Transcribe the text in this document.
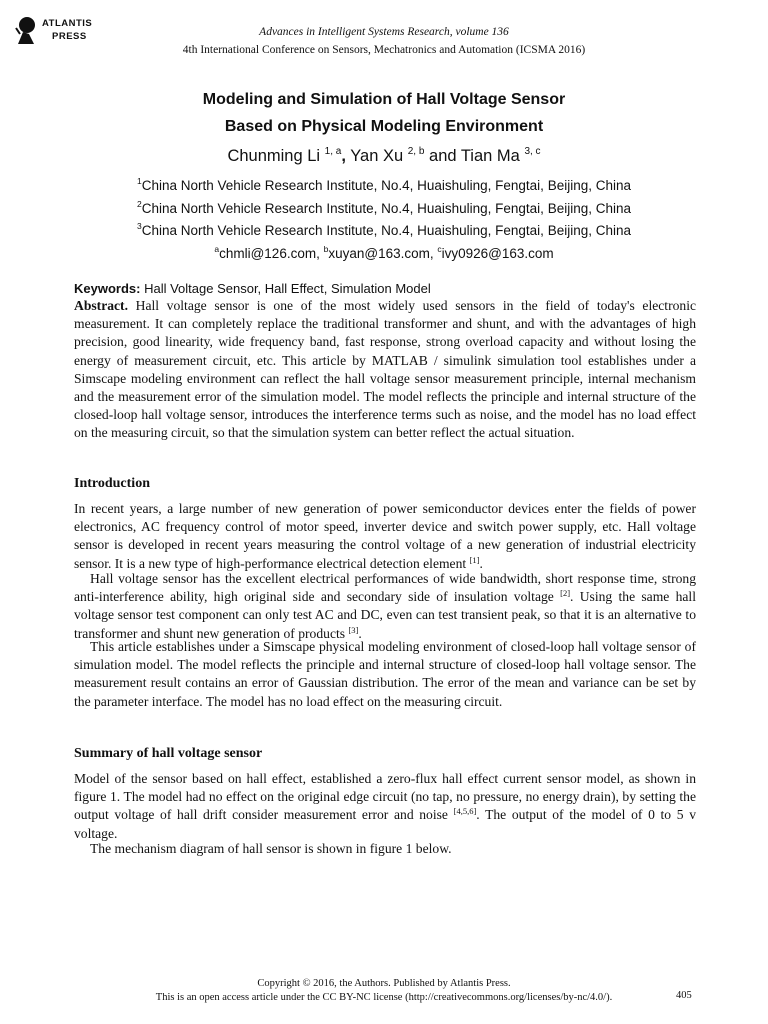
ATLANTIS
PRESS	Advances in Intelligent Systems Research, volume 136
4th International Conference on Sensors, Mechatronics and Automation (ICSMA 2016)
Modeling and Simulation of Hall Voltage Sensor
Based on Physical Modeling Environment
Chunming Li $^{1, a}$, Yan Xu $^{2, b}$ and Tian Ma $^{3, c}$
$^1$China North Vehicle Research Institute, No.4, Huaishuling, Fengtai, Beijing, China
$^2$China North Vehicle Research Institute, No.4, Huaishuling, Fengtai, Beijing, China
$^3$China North Vehicle Research Institute, No.4, Huaishuling, Fengtai, Beijing, China
$^a$chmli@126.com, $^b$xuyan@163.com, $^c$ivy0926@163.com
Keywords: Hall Voltage Sensor, Hall Effect, Simulation Model
Abstract. Hall voltage sensor is one of the most widely used sensors in the field of today's electronic measurement. It can completely replace the traditional transformer and shunt, and with the advantages of high precision, good linearity, wide frequency band, fast response, strong overload capacity and without losing the energy of measurement circuit, etc. This article by MATLAB / simulink simulation tool establishes under a Simscape modeling environment can reflect the hall voltage sensor measurement principle, internal mechanism and the measurement error of the simulation model. The model reflects the principle and internal structure of the closed-loop hall voltage sensor, introduces the interference terms such as noise, and the model has no load effect on the measuring circuit, so that the simulation system can better reflect the actual situation.
Introduction
In recent years, a large number of new generation of power semiconductor devices enter the fields of power electronics, AC frequency control of motor speed, inverter device and switch power supply, etc. Hall voltage sensor is developed in recent years measuring the control voltage of a new generation of industrial electricity sensor. It is a new type of high-performance electrical detection element [1].
Hall voltage sensor has the excellent electrical performances of wide bandwidth, short response time, strong anti-interference ability, high original side and secondary side of insulation voltage [2]. Using the same hall voltage sensor test component can only test AC and DC, even can test transient peak, so that it is an alternative to transformer and shunt new generation of products [3].
This article establishes under a Simscape physical modeling environment of closed-loop hall voltage sensor of simulation model. The model reflects the principle and internal structure of closed-loop hall voltage sensor. The measurement result contains an error of Gaussian distribution. The error of the mean and variance can be set by the parameter interface. The model has no load effect on the measuring circuit.
Summary of hall voltage sensor
Model of the sensor based on hall effect, established a zero-flux hall effect current sensor model, as shown in figure 1. The model had no effect on the original edge circuit (no tap, no pressure, no energy drain), by setting the output voltage of hall drift consider measurement error and noise [4,5,6]. The output of the model of 0 to 5 v voltage.
The mechanism diagram of hall sensor is shown in figure 1 below.
Copyright © 2016, the Authors. Published by Atlantis Press.
This is an open access article under the CC BY-NC license (http://creativecommons.org/licenses/by-nc/4.0/).	405
